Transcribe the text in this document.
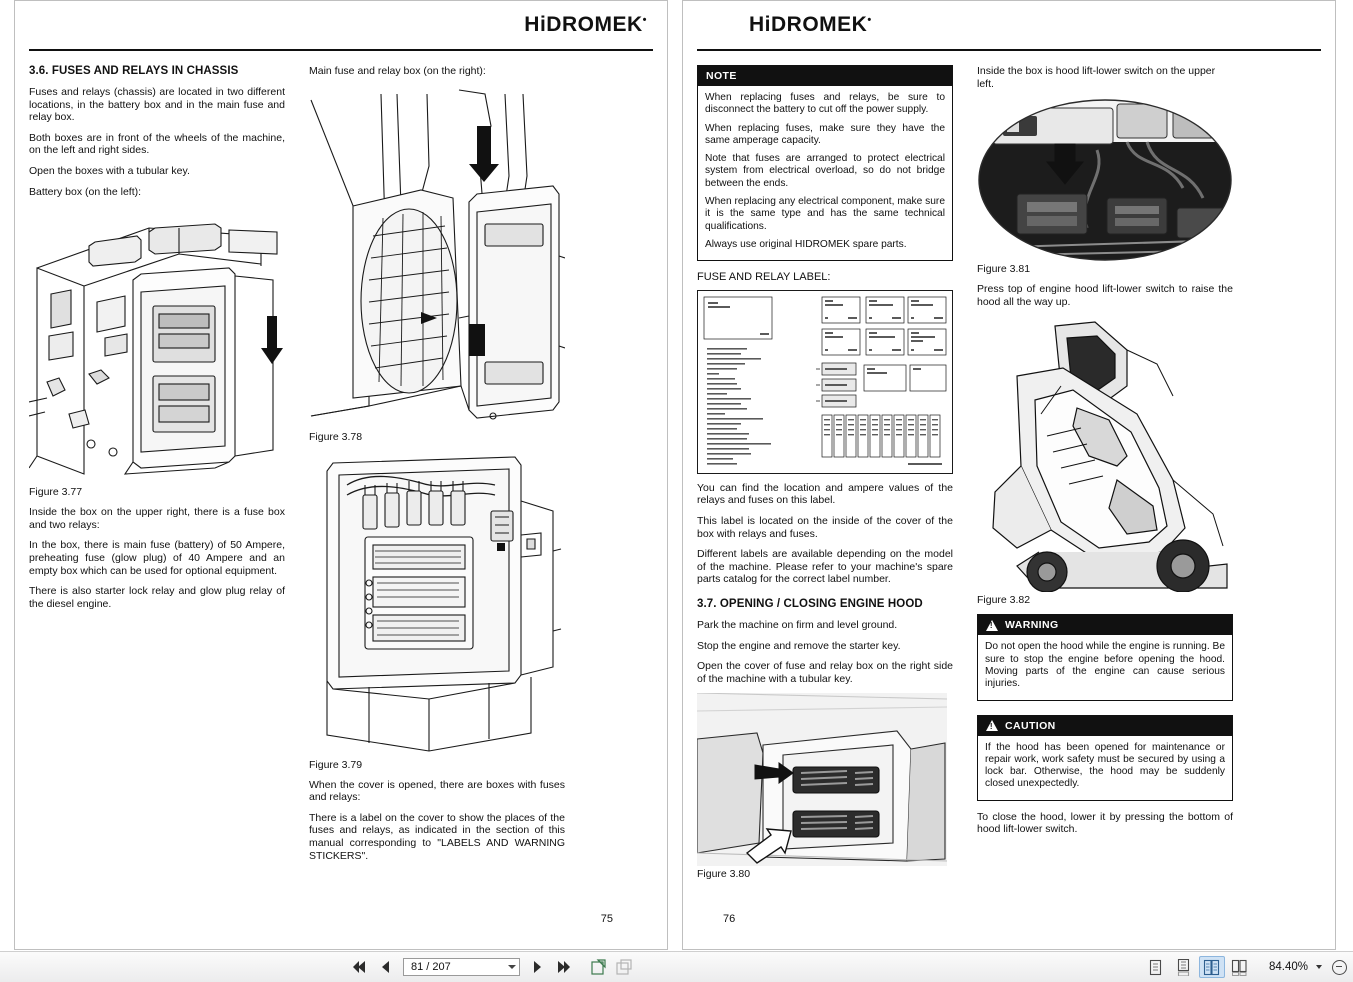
HiDROMEK•
3.6. FUSES AND RELAYS IN CHASSIS

Fuses and relays (chassis) are located in two different locations, in the battery box and in the main fuse and relay box.

Both boxes are in front of the wheels of the machine, on the left and right sides.

Open the boxes with a tubular key.

Battery box (on the left):

Figure 3.77

Inside the box on the upper right, there is a fuse box and two relays:

In the box, there is main fuse (battery) of 50 Ampere, preheating fuse (glow plug) of 40 Ampere and an empty box which can be used for optional equipment.

There is also starter lock relay and glow plug relay of the diesel engine.

Main fuse and relay box (on the right):

Figure 3.78
Figure 3.79

When the cover is opened, there are boxes with fuses and relays:

There is a label on the cover to show the places of the fuses and relays, as indicated in the section of this manual corresponding to "LABELS AND WARNING STICKERS".

75
HiDROMEK•
NOTE

When replacing fuses and relays, be sure to disconnect the battery to cut off the power supply.

When replacing fuses, make sure they have the same amperage capacity.

Note that fuses are arranged to protect electrical system from electrical overload, so do not bridge between the ends.

When replacing any electrical component, make sure it is the same type and has the same technical qualifications.

Always use original HIDROMEK spare parts.

FUSE AND RELAY LABEL:

You can find the location and ampere values of the relays and fuses on this label.

This label is located on the inside of the cover of the box with relays and fuses.

Different labels are available depending on the model of the machine. Please refer to your machine's spare parts catalog for the correct label number.

3.7. OPENING / CLOSING ENGINE HOOD

Park the machine on firm and level ground.

Stop the engine and remove the starter key.

Open the cover of fuse and relay box on the right side of the machine with a tubular key.

Figure 3.80

Inside the box is hood lift-lower switch on the upper left.

Figure 3.81

Press top of engine hood lift-lower switch to raise the hood all the way up.

Figure 3.82
!
WARNING

Do not open the hood while the engine is running. Be sure to stop the engine before opening the hood. Moving parts of the engine can cause serious injuries.

!
CAUTION

If the hood has been opened for maintenance or repair work, work safety must be secured by using a lock bar. Otherwise, the hood may be suddenly closed unexpectedly.

To close the hood, lower it by pressing the bottom of hood lift-lower switch.

76
81 / 207	84.40%
